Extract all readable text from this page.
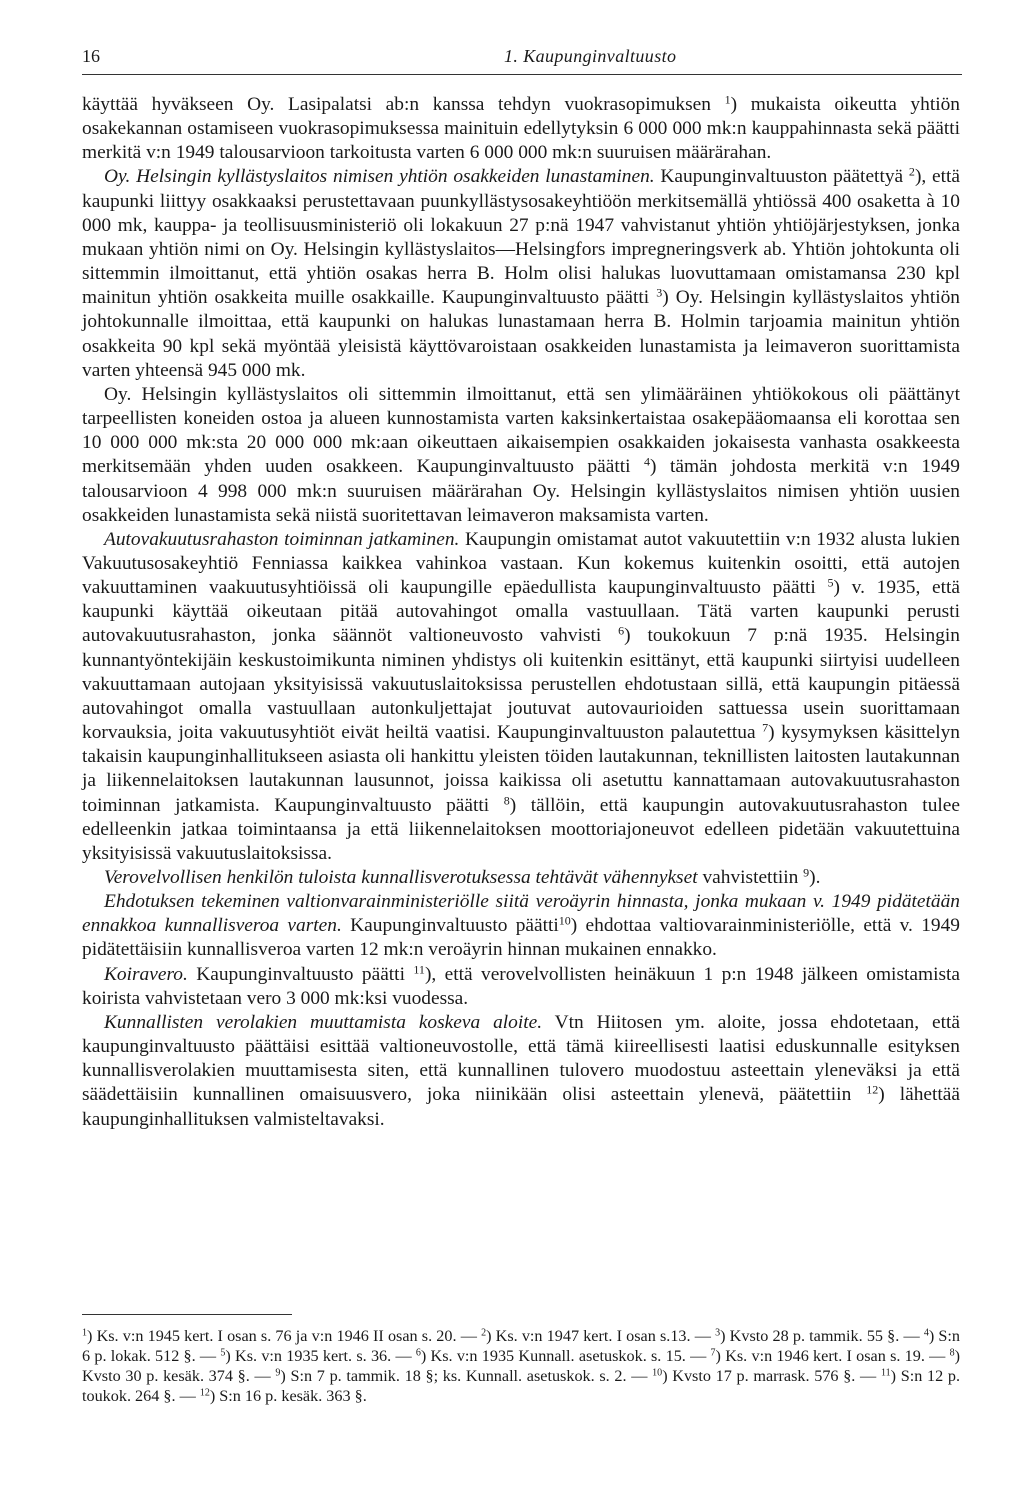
16	1. Kaupunginvaltuusto

käyttää hyväkseen Oy. Lasipalatsi ab:n kanssa tehdyn vuokrasopimuksen $^1$) mukaista oikeutta yhtiön osakekannan ostamiseen vuokrasopimuksessa mainituin edellytyksin 6 000 000 mk:n kauppahinnasta sekä päätti merkitä v:n 1949 talousarvioon tarkoitusta varten 6 000 000 mk:n suuruisen määrärahan.

Oy. Helsingin kyllästyslaitos nimisen yhtiön osakkeiden lunastaminen. Kaupunginvaltuuston päätettyä $^2$), että kaupunki liittyy osakkaaksi perustettavaan puunkyllästysosakeyhtiöön merkitsemällä yhtiössä 400 osaketta à 10 000 mk, kauppa- ja teollisuusministeriö oli lokakuun 27 p:nä 1947 vahvistanut yhtiön yhtiöjärjestyksen, jonka mukaan yhtiön nimi on Oy. Helsingin kyllästyslaitos—Helsingfors impregneringsverk ab. Yhtiön johtokunta oli sittemmin ilmoittanut, että yhtiön osakas herra B. Holm olisi halukas luovuttamaan omistamansa 230 kpl mainitun yhtiön osakkeita muille osakkaille. Kaupunginvaltuusto päätti $^3$) Oy. Helsingin kyllästyslaitos yhtiön johtokunnalle ilmoittaa, että kaupunki on halukas lunastamaan herra B. Holmin tarjoamia mainitun yhtiön osakkeita 90 kpl sekä myöntää yleisistä käyttövaroistaan osakkeiden lunastamista ja leimaveron suorittamista varten yhteensä 945 000 mk.

Oy. Helsingin kyllästyslaitos oli sittemmin ilmoittanut, että sen ylimääräinen yhtiökokous oli päättänyt tarpeellisten koneiden ostoa ja alueen kunnostamista varten kaksinkertaistaa osakepääomaansa eli korottaa sen 10 000 000 mk:sta 20 000 000 mk:aan oikeuttaen aikaisempien osakkaiden jokaisesta vanhasta osakkeesta merkitsemään yhden uuden osakkeen. Kaupunginvaltuusto päätti $^4$) tämän johdosta merkitä v:n 1949 talousarvioon 4 998 000 mk:n suuruisen määrärahan Oy. Helsingin kyllästyslaitos nimisen yhtiön uusien osakkeiden lunastamista sekä niistä suoritettavan leimaveron maksamista varten.

Autovakuutusrahaston toiminnan jatkaminen. Kaupungin omistamat autot vakuutettiin v:n 1932 alusta lukien Vakuutusosakeyhtiö Fenniassa kaikkea vahinkoa vastaan. Kun kokemus kuitenkin osoitti, että autojen vakuuttaminen vaakuutusyhtiöissä oli kaupungille epäedullista kaupunginvaltuusto päätti $^5$) v. 1935, että kaupunki käyttää oikeutaan pitää autovahingot omalla vastuullaan. Tätä varten kaupunki perusti autovakuutusrahaston, jonka säännöt valtioneuvosto vahvisti $^6$) toukokuun 7 p:nä 1935. Helsingin kunnantyöntekijäin keskustoimikunta niminen yhdistys oli kuitenkin esittänyt, että kaupunki siirtyisi uudelleen vakuuttamaan autojaan yksityisissä vakuutuslaitoksissa perustellen ehdotustaan sillä, että kaupungin pitäessä autovahingot omalla vastuullaan autonkuljettajat joutuvat autovaurioiden sattuessa usein suorittamaan korvauksia, joita vakuutusyhtiöt eivät heiltä vaatisi. Kaupunginvaltuuston palautettua $^7$) kysymyksen käsittelyn takaisin kaupunginhallitukseen asiasta oli hankittu yleisten töiden lautakunnan, teknillisten laitosten lautakunnan ja liikennelaitoksen lautakunnan lausunnot, joissa kaikissa oli asetuttu kannattamaan autovakuutusrahaston toiminnan jatkamista. Kaupunginvaltuusto päätti $^8$) tällöin, että kaupungin autovakuutusrahaston tulee edelleenkin jatkaa toimintaansa ja että liikennelaitoksen moottoriajoneuvot edelleen pidetään vakuutettuina yksityisissä vakuutuslaitoksissa.

Verovelvollisen henkilön tuloista kunnallisverotuksessa tehtävät vähennykset vahvistettiin $^9$).

Ehdotuksen tekeminen valtionvarainministeriölle siitä veroäyrin hinnasta, jonka mukaan v. 1949 pidätetään ennakkoa kunnallisveroa varten. Kaupunginvaltuusto päätti$^{10}$) ehdottaa valtiovarainministeriölle, että v. 1949 pidätettäisiin kunnallisveroa varten 12 mk:n veroäyrin hinnan mukainen ennakko.

Koiravero. Kaupunginvaltuusto päätti $^{11}$), että verovelvollisten heinäkuun 1 p:n 1948 jälkeen omistamista koirista vahvistetaan vero 3 000 mk:ksi vuodessa.

Kunnallisten verolakien muuttamista koskeva aloite. Vtn Hiitosen ym. aloite, jossa ehdotetaan, että kaupunginvaltuusto päättäisi esittää valtioneuvostolle, että tämä kiireellisesti laatisi eduskunnalle esityksen kunnallisverolakien muuttamisesta siten, että kunnallinen tulovero muodostuu asteettain yleneväksi ja että säädettäisiin kunnallinen omaisuusvero, joka niinikään olisi asteettain ylenevä, päätettiin $^{12}$) lähettää kaupunginhallituksen valmisteltavaksi.

$^1$) Ks. v:n 1945 kert. I osan s. 76 ja v:n 1946 II osan s. 20. — $^2$) Ks. v:n 1947 kert. I osan s.13. — $^3$) Kvsto 28 p. tammik. 55 §. — $^4$) S:n 6 p. lokak. 512 §. — $^5$) Ks. v:n 1935 kert. s. 36. — $^6$) Ks. v:n 1935 Kunnall. asetuskok. s. 15. — $^7$) Ks. v:n 1946 kert. I osan s. 19. — $^8$) Kvsto 30 p. kesäk. 374 §. — $^9$) S:n 7 p. tammik. 18 §; ks. Kunnall. asetuskok. s. 2. — $^{10}$) Kvsto 17 p. marrask. 576 §. — $^{11}$) S:n 12 p. toukok. 264 §. — $^{12}$) S:n 16 p. kesäk. 363 §.
